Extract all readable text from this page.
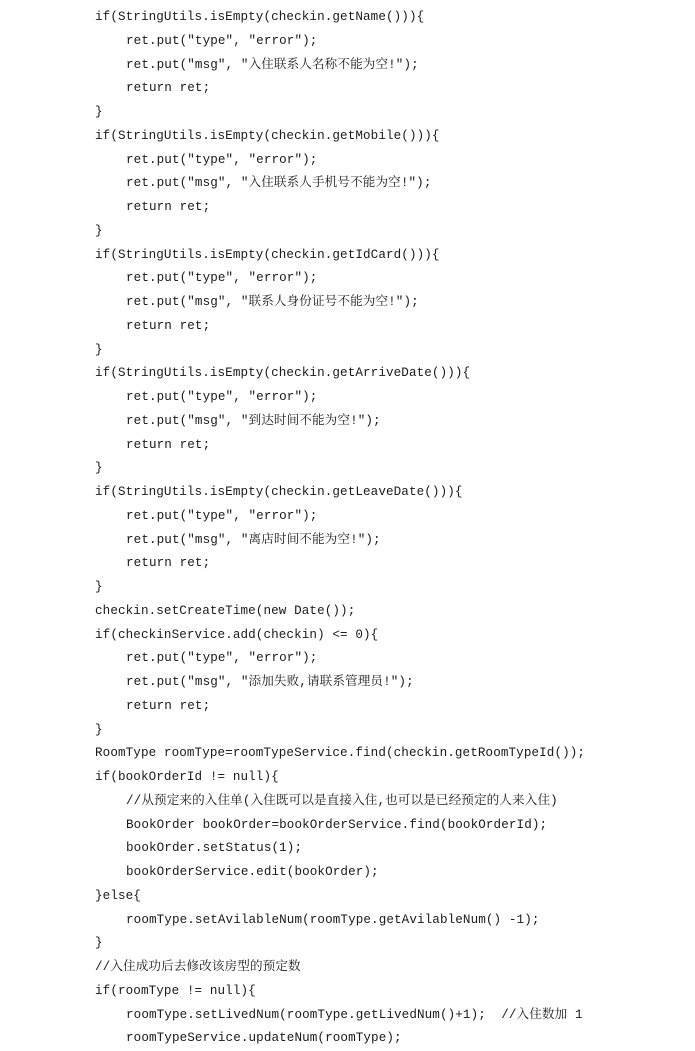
if(StringUtils.isEmpty(checkin.getName())){
ret.put("type", "error");
ret.put("msg", "入住联系人名称不能为空!");
return ret;
}
if(StringUtils.isEmpty(checkin.getMobile())){
ret.put("type", "error");
ret.put("msg", "入住联系人手机号不能为空!");
return ret;
}
if(StringUtils.isEmpty(checkin.getIdCard())){
ret.put("type", "error");
ret.put("msg", "联系人身份证号不能为空!");
return ret;
}
if(StringUtils.isEmpty(checkin.getArriveDate())){
ret.put("type", "error");
ret.put("msg", "到达时间不能为空!");
return ret;
}
if(StringUtils.isEmpty(checkin.getLeaveDate())){
ret.put("type", "error");
ret.put("msg", "离店时间不能为空!");
return ret;
}
checkin.setCreateTime(new Date());
if(checkinService.add(checkin) <= 0){
ret.put("type", "error");
ret.put("msg", "添加失败,请联系管理员!");
return ret;
}
RoomType roomType=roomTypeService.find(checkin.getRoomTypeId());
if(bookOrderId != null){
//从预定来的入住单(入住既可以是直接入住,也可以是已经预定的人来入住)
BookOrder bookOrder=bookOrderService.find(bookOrderId);
bookOrder.setStatus(1);
bookOrderService.edit(bookOrder);
}else{
roomType.setAvilableNum(roomType.getAvilableNum() -1);
}
//入住成功后去修改该房型的预定数
if(roomType != null){
roomType.setLivedNum(roomType.getLivedNum()+1);  //入住数加 1
roomTypeService.updateNum(roomType);
